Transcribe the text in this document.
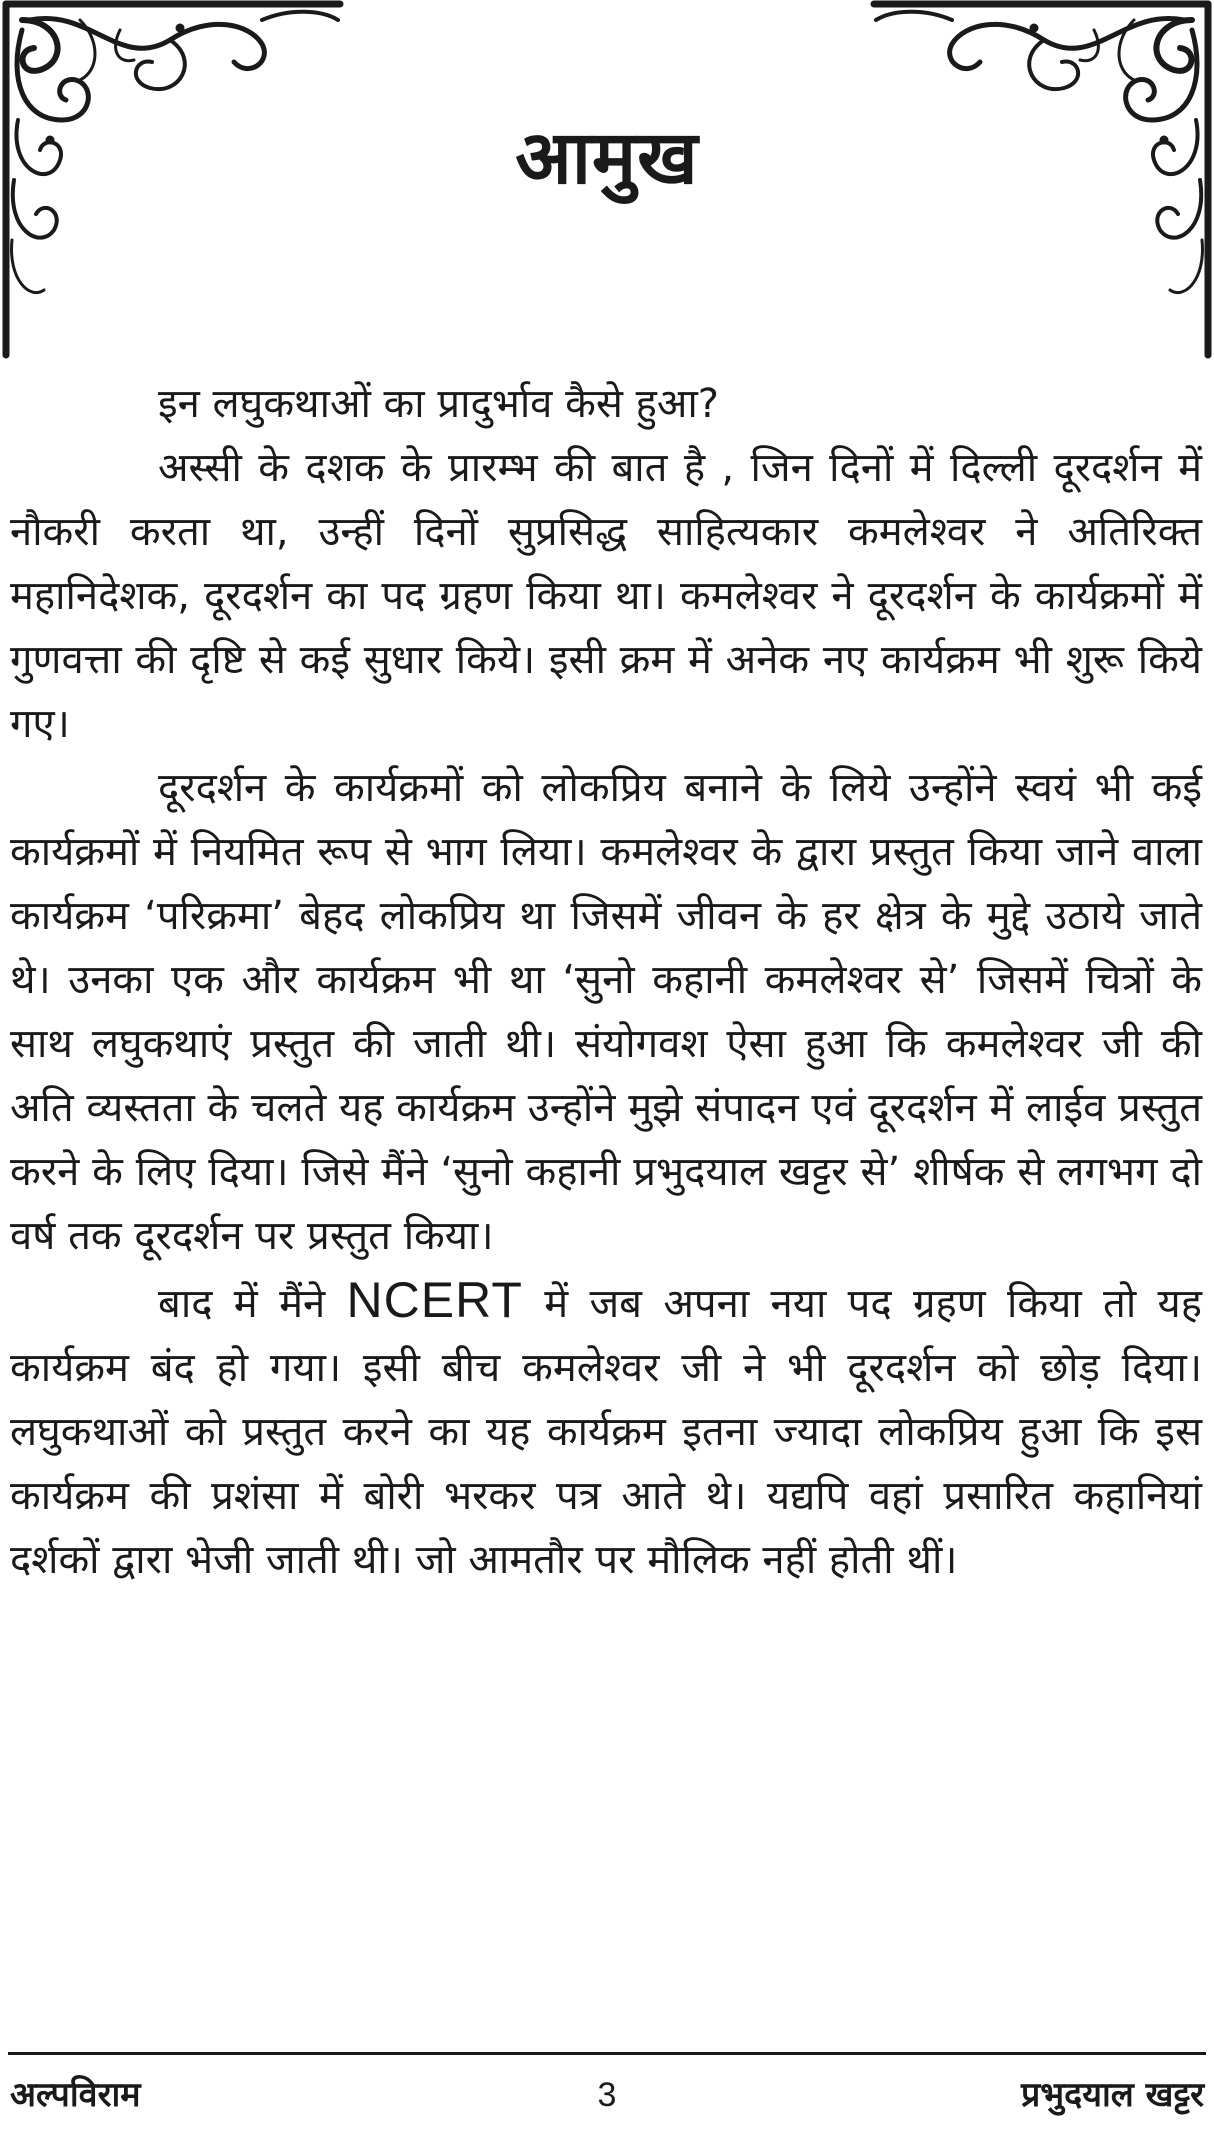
आमुख

इन लघुकथाओं का प्रादुर्भाव कैसे हुआ?

अस्सी के दशक के प्रारम्भ की बात है , जिन दिनों में दिल्ली दूरदर्शन में नौकरी करता था, उन्हीं दिनों सुप्रसिद्ध साहित्यकार कमलेश्वर ने अतिरिक्त महानिदेशक, दूरदर्शन का पद ग्रहण किया था। कमलेश्वर ने दूरदर्शन के कार्यक्रमों में गुणवत्ता की दृष्टि से कई सुधार किये। इसी क्रम में अनेक नए कार्यक्रम भी शुरू किये गए।

दूरदर्शन के कार्यक्रमों को लोकप्रिय बनाने के लिये उन्होंने स्वयं भी कई कार्यक्रमों में नियमित रूप से भाग लिया। कमलेश्वर के द्वारा प्रस्तुत किया जाने वाला कार्यक्रम ‘परिक्रमा’ बेहद लोकप्रिय था जिसमें जीवन के हर क्षेत्र के मुद्दे उठाये जाते थे। उनका एक और कार्यक्रम भी था ‘सुनो कहानी कमलेश्वर से’ जिसमें चित्रों के साथ लघुकथाएं प्रस्तुत की जाती थी। संयोगवश ऐसा हुआ कि कमलेश्वर जी की अति व्यस्तता के चलते यह कार्यक्रम उन्होंने मुझे संपादन एवं दूरदर्शन में लाईव प्रस्तुत करने के लिए दिया। जिसे मैंने ‘सुनो कहानी प्रभुदयाल खट्टर से’ शीर्षक से लगभग दो वर्ष तक दूरदर्शन पर प्रस्तुत किया।

बाद में मैंने NCERT में जब अपना नया पद ग्रहण किया तो यह कार्यक्रम बंद हो गया। इसी बीच कमलेश्वर जी ने भी दूरदर्शन को छोड़ दिया। लघुकथाओं को प्रस्तुत करने का यह कार्यक्रम इतना ज्यादा लोकप्रिय हुआ कि इस कार्यक्रम की प्रशंसा में बोरी भरकर पत्र आते थे। यद्यपि वहां प्रसारित कहानियां दर्शकों द्वारा भेजी जाती थी। जो आमतौर पर मौलिक नहीं होती थीं।

अल्पविराम	3	प्रभुदयाल खट्टर
